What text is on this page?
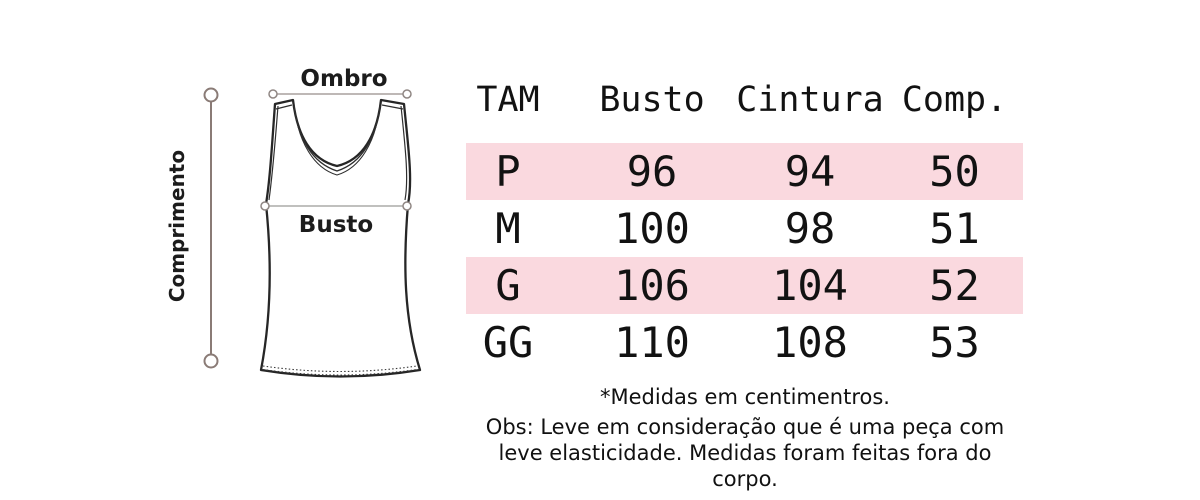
Comprimento
Ombro
Busto
TAM	Busto Cintura Comp.
P	96	94	50
M	100	98	51
G	106	104	52
GG	110	108	53

*Medidas em centimentros.

Obs: Leve em consideração que é uma peça com leve elasticidade. Medidas foram feitas fora do corpo.
